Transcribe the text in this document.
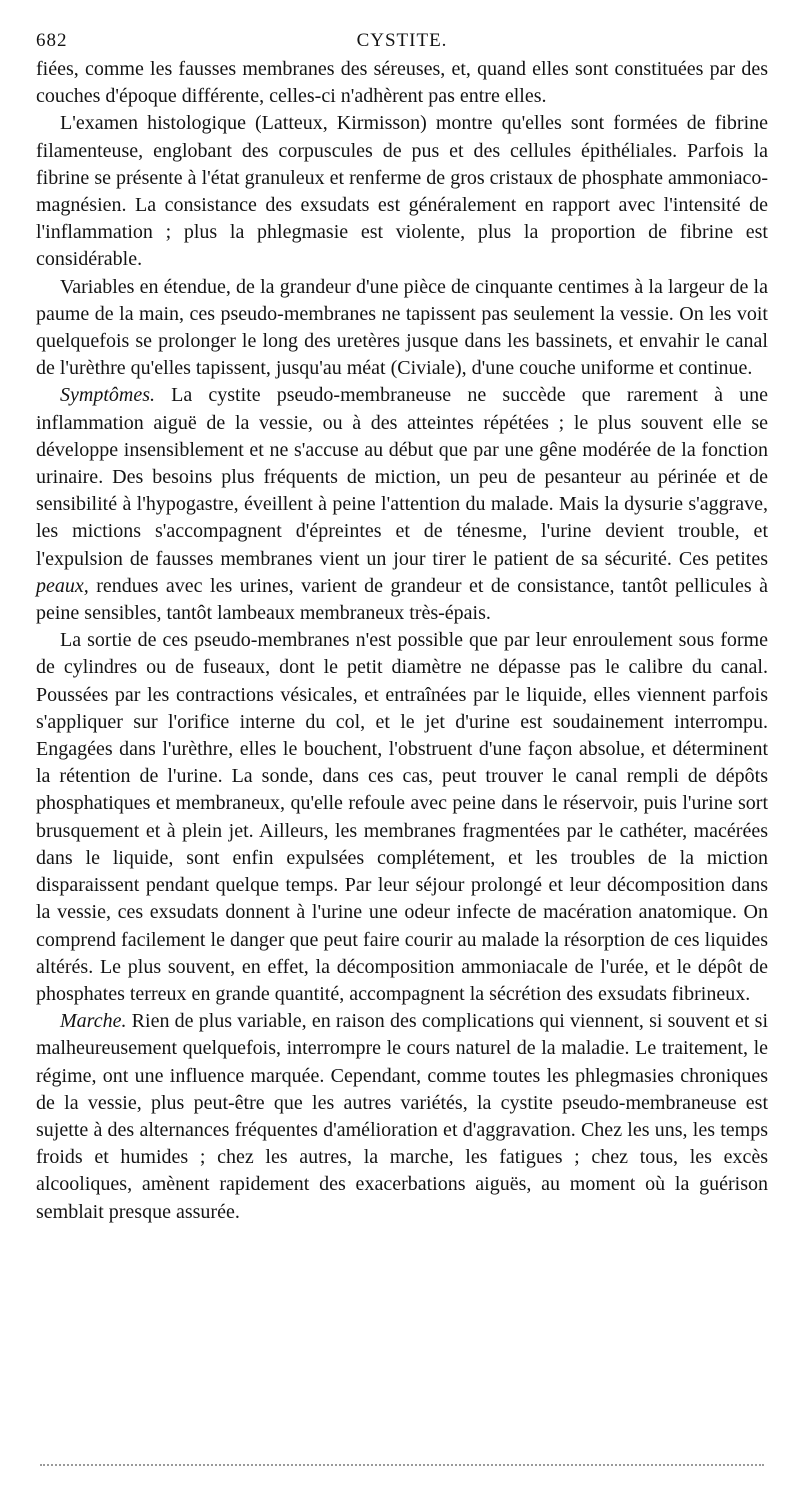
682	CYSTITE.

fiées, comme les fausses membranes des séreuses, et, quand elles sont constituées par des couches d'époque différente, celles-ci n'adhèrent pas entre elles.

L'examen histologique (Latteux, Kirmisson) montre qu'elles sont formées de fibrine filamenteuse, englobant des corpuscules de pus et des cellules épithéliales. Parfois la fibrine se présente à l'état granuleux et renferme de gros cristaux de phosphate ammoniaco-magnésien. La consistance des exsudats est généralement en rapport avec l'intensité de l'inflammation ; plus la phlegmasie est violente, plus la proportion de fibrine est considérable.

Variables en étendue, de la grandeur d'une pièce de cinquante centimes à la largeur de la paume de la main, ces pseudo-membranes ne tapissent pas seulement la vessie. On les voit quelquefois se prolonger le long des uretères jusque dans les bassinets, et envahir le canal de l'urèthre qu'elles tapissent, jusqu'au méat (Civiale), d'une couche uniforme et continue.

Symptômes. La cystite pseudo-membraneuse ne succède que rarement à une inflammation aiguë de la vessie, ou à des atteintes répétées ; le plus souvent elle se développe insensiblement et ne s'accuse au début que par une gêne modérée de la fonction urinaire. Des besoins plus fréquents de miction, un peu de pesanteur au périnée et de sensibilité à l'hypogastre, éveillent à peine l'attention du malade. Mais la dysurie s'aggrave, les mictions s'accompagnent d'épreintes et de ténesme, l'urine devient trouble, et l'expulsion de fausses membranes vient un jour tirer le patient de sa sécurité. Ces petites peaux, rendues avec les urines, varient de grandeur et de consistance, tantôt pellicules à peine sensibles, tantôt lambeaux membraneux très-épais.

La sortie de ces pseudo-membranes n'est possible que par leur enroulement sous forme de cylindres ou de fuseaux, dont le petit diamètre ne dépasse pas le calibre du canal. Poussées par les contractions vésicales, et entraînées par le liquide, elles viennent parfois s'appliquer sur l'orifice interne du col, et le jet d'urine est soudainement interrompu. Engagées dans l'urèthre, elles le bouchent, l'obstruent d'une façon absolue, et déterminent la rétention de l'urine. La sonde, dans ces cas, peut trouver le canal rempli de dépôts phosphatiques et membraneux, qu'elle refoule avec peine dans le réservoir, puis l'urine sort brusquement et à plein jet. Ailleurs, les membranes fragmentées par le cathéter, macérées dans le liquide, sont enfin expulsées complétement, et les troubles de la miction disparaissent pendant quelque temps. Par leur séjour prolongé et leur décomposition dans la vessie, ces exsudats donnent à l'urine une odeur infecte de macération anatomique. On comprend facilement le danger que peut faire courir au malade la résorption de ces liquides altérés. Le plus souvent, en effet, la décomposition ammoniacale de l'urée, et le dépôt de phosphates terreux en grande quantité, accompagnent la sécrétion des exsudats fibrineux.

Marche. Rien de plus variable, en raison des complications qui viennent, si souvent et si malheureusement quelquefois, interrompre le cours naturel de la maladie. Le traitement, le régime, ont une influence marquée. Cependant, comme toutes les phlegmasies chroniques de la vessie, plus peut-être que les autres variétés, la cystite pseudo-membraneuse est sujette à des alternances fréquentes d'amélioration et d'aggravation. Chez les uns, les temps froids et humides ; chez les autres, la marche, les fatigues ; chez tous, les excès alcooliques, amènent rapidement des exacerbations aiguës, au moment où la guérison semblait presque assurée.
